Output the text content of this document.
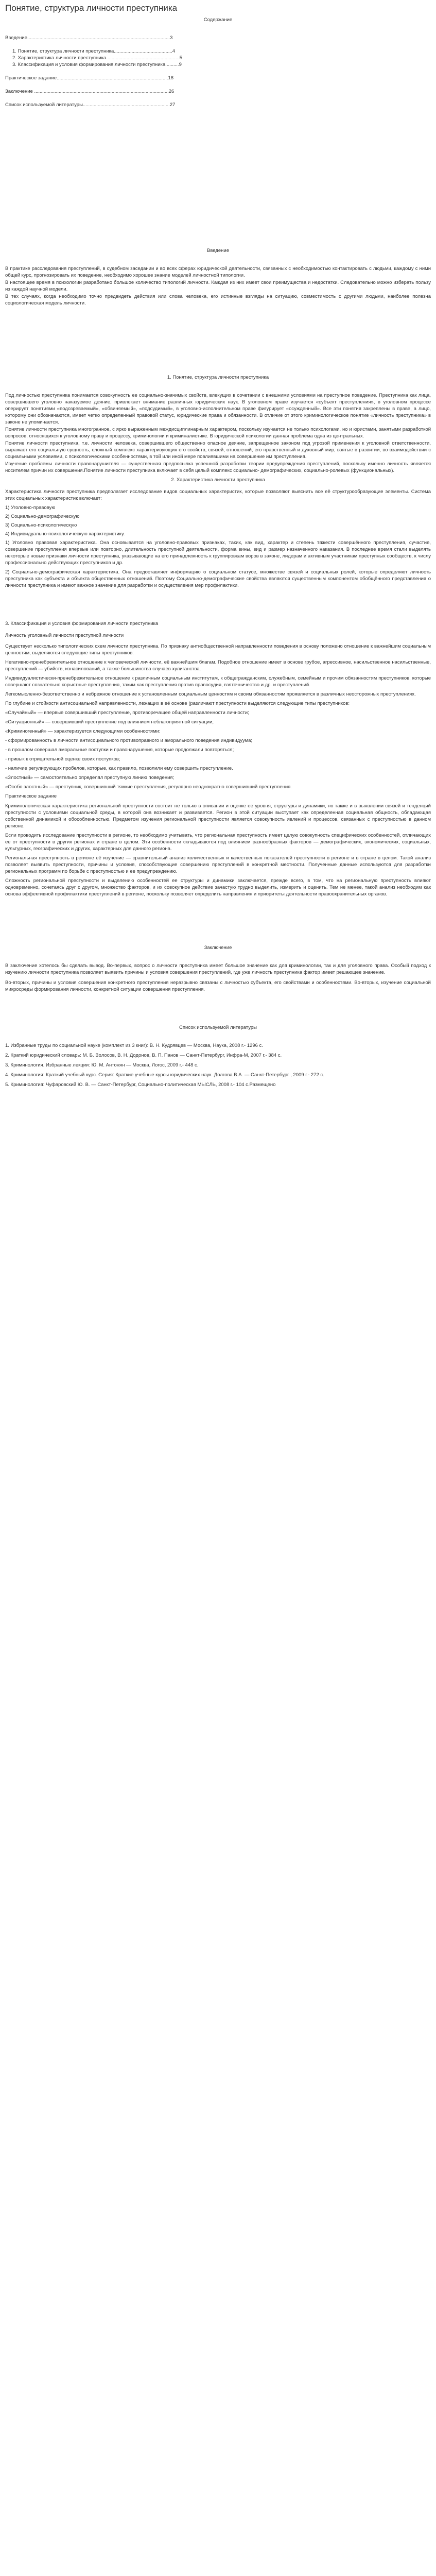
Понятие, структура личности преступника

Содержание

Введение.........................................................................................................3

1. Понятие, структура личности преступника...........................................4

2. Характеристика личности преступника......................................................5

3. Классификация и условия формирования личности преступника..........9

Практическое задание..................................................................................18

Заключение ...................................................................................................26

Список используемой литературы................................................................27

Введение

В практике расследования преступлений, в судебном заседании и во всех сферах юридической деятельности, связанных с необходимостью контактировать с людьми, каждому с ними общей курс, прогнозировать их поведение, необходимо хорошее знание моделей личностной типологии.

В настоящее время в психологии разработано большое количество типологий личности. Каждая из них имеет свои преимущества и недостатки. Следовательно можно изберать пользу из каждой научной модели.

В тех случаях, когда необходимо точно предвидеть действия или слова человека, его истинные взгляды на ситуацию, совместимость с другими людьми, наиболее полезна социологическая модель личности.

1. Понятие, структура личности преступника

Под личностью преступника понимается совокупность ее социально-значимых свойств, влекущих в сочетании с внешними условиями на преступное поведение. Преступника как лица, совершившего уголовно наказуемое деяние, привлекает внимание различных юридических наук. В уголовном праве изучается «субъект преступления», в уголовном процессе оперирует понятиями «подозреваемый», «обвиняемый», «подсудимый», в уголовно-исполнительном праве фигурирует «осужденный». Все эти понятия закреплены в праве, а лицо, которому они обозначаются, имеет четко определенный правовой статус, юридические права и обязанности. В отличие от этого криминологическое понятие «личность преступника» в законе не упоминается.

Понятие личности преступника многогранное, с ярко выраженным междисциплинарным характером, поскольку изучается не только психологами, но и юристами, занятыми разработкой вопросов, относящихся к уголовному праву и процессу, криминологии и криминалистике. В юридической психологии данная проблема одна из центральных.

Понятие личности преступника, т.е. личности человека, совершившего общественно опасное деяние, запрещенное законом под угрозой применения к уголовной ответственности, выражает его социальную сущность, сложный комплекс характеризующих его свойств, связей, отношений, его нравственный и духовный мир, взятые в развитии, во взаимодействии с социальными условиями, с психологическими особенностями, в той или иной мере повлиявшими на совершение им преступления.

Изучение проблемы личности правонарушителя — существенная предпосылка успешной разработки теории предупреждения преступлений, поскольку именно личность является носителем причин их совершения.Понятие личности преступника включает в себя целый комплекс социально- демографических, социально-ролевых (функциональных).

2. Характеристика личности преступника

Характеристика личности преступника предполагает исследование видов социальных характеристик, которые позволяют выяснить все её структурообразующие элементы. Система этих социальных характеристик включает:

1) Уголовно-правовую

2) Социально-демографическую

3) Социально-психологическую

4) Индивидуально-психологическую характеристику.

1) Уголовно правовая характеристика. Она основывается на уголовно-правовых признаках, таких, как вид, характер и степень тяжести совершённого преступления, сучастие, совершение преступления впервые или повторно, длительность преступной деятельности, форма вины, вид и размер назначенного наказания. В последнее время стали выделять некоторые новые признаки личности преступника, указывающие на его принадлежность к группировкам воров в законе, лидерам и активным участникам преступных сообществ, к числу профессионально действующих преступников и др.

2) Социально-демографическая характеристика. Она предоставляет информацию о социальном статусе, множестве связей и социальных ролей, которые определяют личность преступника как субъекта и объекта общественных отношений. Поэтому Социально-демографические свойства являются существенным компонентом обобщённого представления о личности преступника и имеют важное значение для разработки и осуществления мер профилактики.

3. Классификация и условия формирования личности преступника

Личность уголовный личности преступной личности

Существует несколько типологических схем личности преступника. По признаку антиобщественной направленности поведения в основу положено отношение к важнейшим социальным ценностям, выделяются следующие типы преступников:

Негативно-пренебрежительное отношение к человеческой личности, её важнейшим благам. Подобное отношение имеет в основе грубое, агрессивное, насильственное насильственные, преступлений — убийств, изнасилований, а также большинства случаев хулиганства.

Индивидуалистически-пренебрежительное отношение к различным социальным институтам, к общегражданским, служебным, семейным и прочим обязанностям преступников, которые совершают сознательно корыстные преступления, таким как преступления против правосудия, взяточничество и др. и преступлений.

Легкомысленно-безответственно и небрежное отношение к установленным социальным ценностям и своим обязанностям проявляется в различных неосторожных преступлениях.

По глубине и стойкости антисоциальной направленности, лежащих в её основе (различают преступности выделяются следующие типы преступников:

«Случайный» — впервые совершивший преступление, противоречащее общей направленности личности;

«Ситуационный» — совершивший преступление под влиянием неблагоприятной ситуации;

«Криминогенный» — характеризуется следующими особенностями:

- сформированность в личности антисоциального противоправного и аморального поведения индивидуума;

- в прошлом совершал аморальные поступки и правонарушения, которые продолжали повторяться;

- привык к отрицательной оценке своих поступков;

- наличие регулирующих пробелов, которые, как правило, позволили ему совершить преступление.

«Злостный» — самостоятельно определял преступную линию поведения;

«Особо злостный» — преступник, совершивший тяжкие преступления, регулярно неоднократно совершивший преступления.

Практическое задание

Криминологическая характеристика региональной преступности состоит не только в описании и оценке ее уровня, структуры и динамики, но также и в выявлении связей и тенденций преступности с условиями социальной среды, в которой она возникает и развивается. Регион в этой ситуации выступает как определенная социальная общность, обладающая собственной динамикой и обособленностью. Предметом изучения региональной преступности является совокупность явлений и процессов, связанных с преступностью в данном регионе.

Если проводить исследование преступности в регионе, то необходимо учитывать, что региональная преступность имеет целую совокупность специфических особенностей, отличающих ее от преступности в других регионах и стране в целом. Эти особенности складываются под влиянием разнообразных факторов — демографических, экономических, социальных, культурных, географических и других, характерных для данного региона.

Региональная преступность в регионе её изучение — сравнительный анализ количественных и качественных показателей преступности в регионе и в стране в целом. Такой анализ позволяет выявить преступности, причины и условия, способствующие совершению преступлений в конкретной местности. Полученные данные используются для разработки региональных программ по борьбе с преступностью и ее предупреждению.

Сложность региональной преступности и выделению особенностей ее структуры и динамики заключается, прежде всего, в том, что на региональную преступность влияют одновременно, сочетаясь друг с другом, множество факторов, и их совокупное действие зачастую трудно выделить, измерить и оценить. Тем не менее, такой анализ необходим как основа эффективной профилактики преступлений в регионе, поскольку позволяет определить направления и приоритеты деятельности правоохранительных органов.

Заключение

В заключение хотелось бы сделать вывод. Во-первых, вопрос о личности преступника имеет большое значение как для криминологии, так и для уголовного права. Особый подход к изучению личности преступника позволяет выявить причины и условия совершения преступлений, где уже личность преступника фактор имеет решающее значение.

Во-вторых, причины и условия совершения конкретного преступления неразрывно связаны с личностью субъекта, его свойствами и особенностями. Во-вторых, изучение социальной микросреды формирования личности, конкретной ситуации совершения преступления.

Список используемой литературы

1. Избранные труды по социальной науке (комплект из 3 книг): В. Н. Кудрявцев — Москва, Наука, 2008 г.- 1296 с.

2. Краткий юридический словарь: М. Б. Волосов, В. Н. Додонов, В. П. Панов — Санкт-Петербург, Инфра-М, 2007 г.- 384 с.

3. Криминология. Избранные лекции: Ю. М. Антонян — Москва, Логос, 2009 г.- 448 с.

4. Криминология: Краткий учебный курс. Серия: Краткие учебные курсы юридических наук. Долгова В.А. — Санкт-Петербург , 2009 г.- 272 с.

5. Криминология: Чуфаровский Ю. В. — Санкт-Петербург, Социально-политическая МЫСЛЬ, 2008 г.- 104 с.Размещено
